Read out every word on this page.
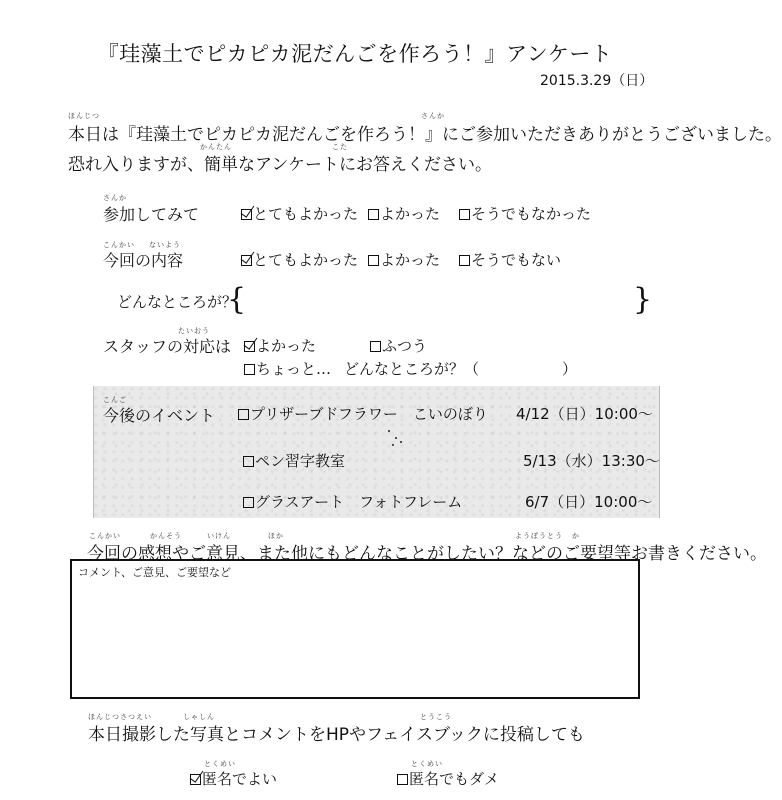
『珪藻土でピカピカ泥だんごを作ろう！』アンケート
2015.3.29（日）
ほんじつ	さんか
本日は『珪藻土でピカピカ泥だんごを作ろう！』にご参加いただきありがとうございました。
かんたん	こた
恐れ入りますが、簡単なアンケートにお答えください。
さんか
参加してみて	とてもよかった	よかった	そうでもなかった
こんかい ないよう
今回の内容	とてもよかった	よかった	そうでもない
どんなところが？
{	}
たいおう
スタッフの対応は	よかった	ふつう
ちょっと… どんなところが？（	）
こんご
今後のイベント	プリザーブドフラワー　こいのぼり 4/12（日）10:00～
ペン習字教室	5/13（水）13:30～
グラスアート　フォトフレーム	6/7（日）10:00～
こんかい	かんそう	いけん	ほか	ようぼうとう か
今回の感想やご意見、また他にもどんなことがしたい？などのご要望等お書きください。
コメント、ご意見、ご要望など
ほんじつさつえい	しゃしん	とうこう
本日撮影した写真とコメントをHPやフェイスブックに投稿しても
とくめい
匿名でよい
とくめい
匿名でもダメ
